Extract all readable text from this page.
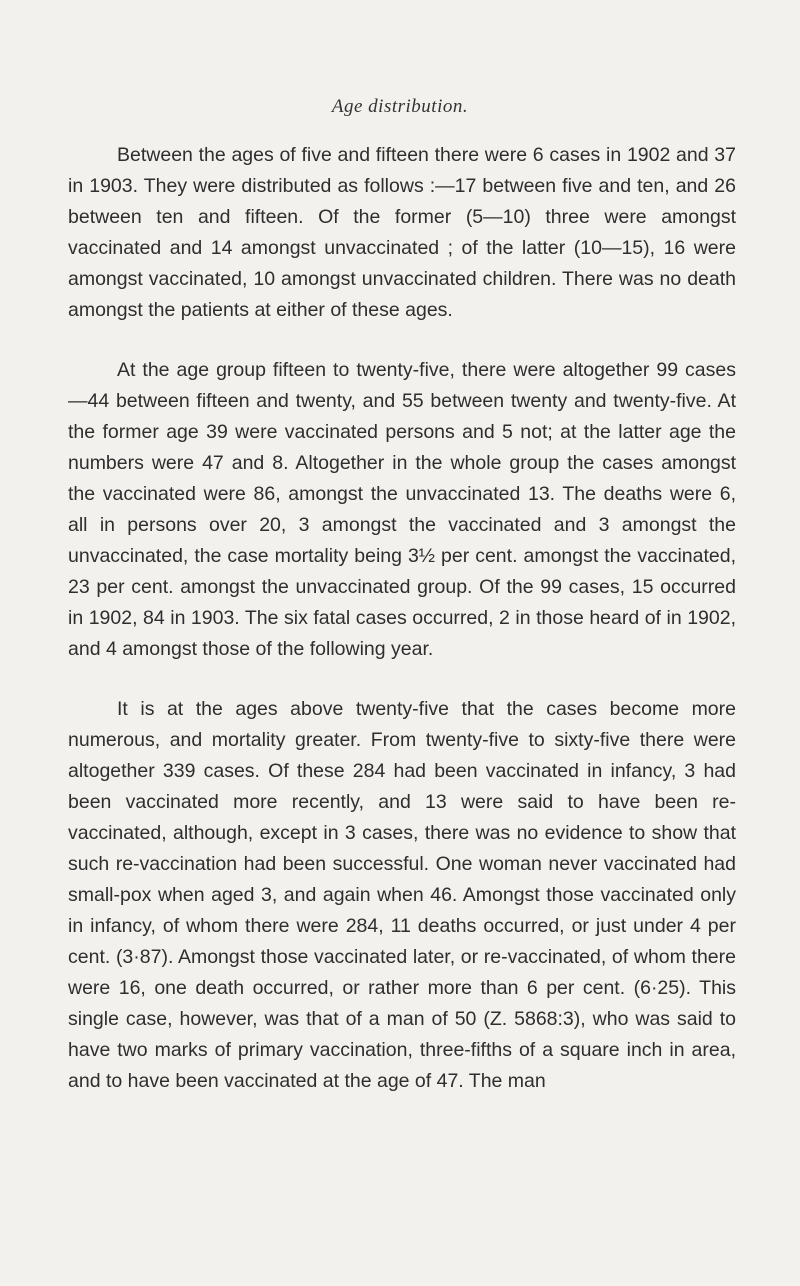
Age distribution.

Between the ages of five and fifteen there were 6 cases in 1902 and 37 in 1903. They were distributed as follows :—17 between five and ten, and 26 between ten and fifteen. Of the former (5—10) three were amongst vaccinated and 14 amongst unvaccinated ; of the latter (10—15), 16 were amongst vaccinated, 10 amongst unvaccinated children. There was no death amongst the patients at either of these ages.

At the age group fifteen to twenty-five, there were altogether 99 cases—44 between fifteen and twenty, and 55 between twenty and twenty-five. At the former age 39 were vaccinated persons and 5 not; at the latter age the numbers were 47 and 8. Altogether in the whole group the cases amongst the vaccinated were 86, amongst the unvaccinated 13. The deaths were 6, all in persons over 20, 3 amongst the vaccinated and 3 amongst the unvaccinated, the case mortality being 3½ per cent. amongst the vaccinated, 23 per cent. amongst the unvaccinated group. Of the 99 cases, 15 occurred in 1902, 84 in 1903. The six fatal cases occurred, 2 in those heard of in 1902, and 4 amongst those of the following year.

It is at the ages above twenty-five that the cases become more numerous, and mortality greater. From twenty-five to sixty-five there were altogether 339 cases. Of these 284 had been vaccinated in infancy, 3 had been vaccinated more recently, and 13 were said to have been re-vaccinated, although, except in 3 cases, there was no evidence to show that such re-vaccination had been successful. One woman never vaccinated had small-pox when aged 3, and again when 46. Amongst those vaccinated only in infancy, of whom there were 284, 11 deaths occurred, or just under 4 per cent. (3·87). Amongst those vaccinated later, or re-vaccinated, of whom there were 16, one death occurred, or rather more than 6 per cent. (6·25). This single case, however, was that of a man of 50 (Z. 5868:3), who was said to have two marks of primary vaccination, three-fifths of a square inch in area, and to have been vaccinated at the age of 47. The man
